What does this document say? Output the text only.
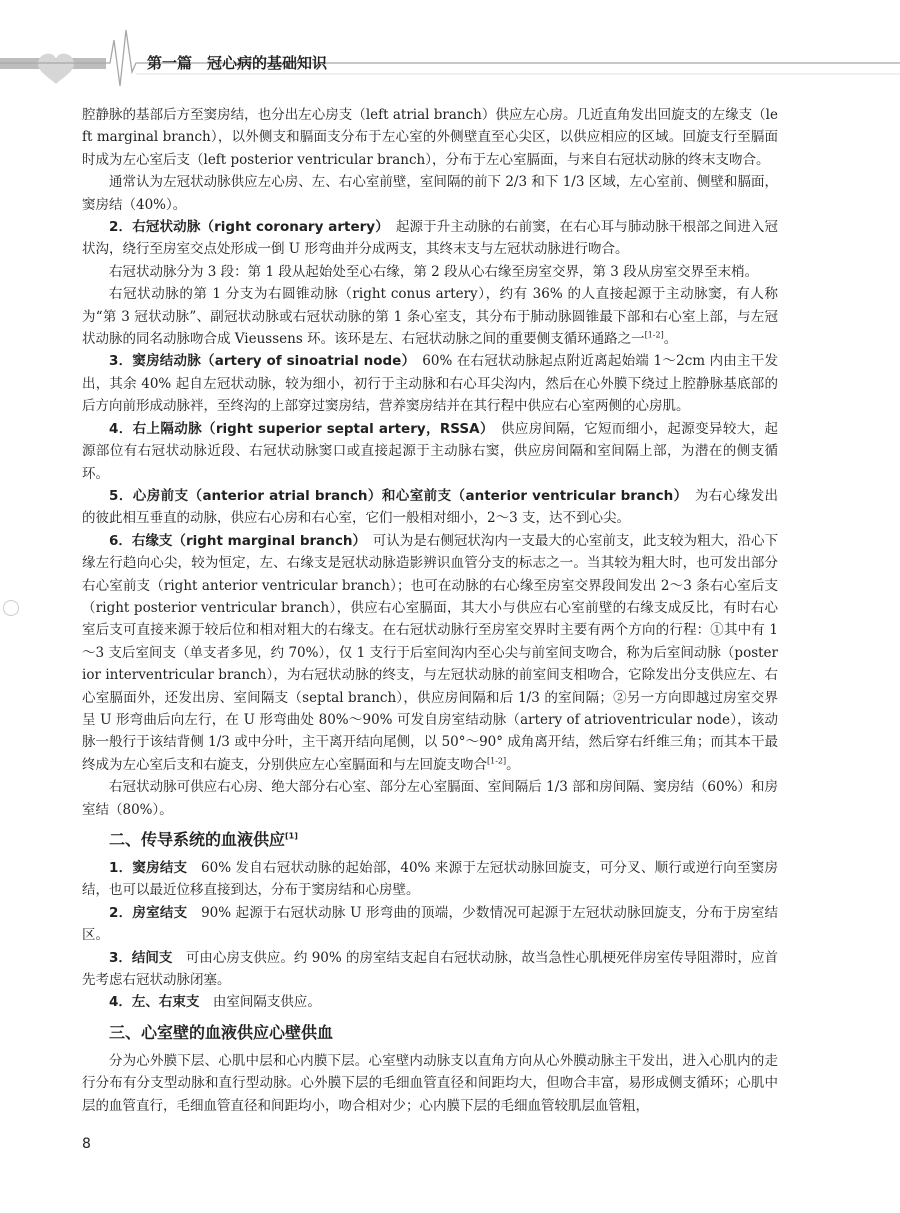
第一篇　冠心病的基础知识

腔静脉的基部后方至窦房结，也分出左心房支（left atrial branch）供应左心房。几近直角发出回旋支的左缘支（left marginal branch），以外侧支和膈面支分布于左心室的外侧壁直至心尖区，以供应相应的区域。回旋支行至膈面时成为左心室后支（left posterior ventricular branch），分布于左心室膈面，与来自右冠状动脉的终末支吻合。

通常认为左冠状动脉供应左心房、左、右心室前壁，室间隔的前下 2/3 和下 1/3 区域，左心室前、侧壁和膈面，窦房结（40%）。

2．右冠状动脉（right coronary artery）　 起源于升主动脉的右前窦，在右心耳与肺动脉干根部之间进入冠状沟，绕行至房室交点处形成一倒 U 形弯曲并分成两支，其终末支与左冠状动脉进行吻合。

右冠状动脉分为 3 段：第 1 段从起始处至心右缘，第 2 段从心右缘至房室交界，第 3 段从房室交界至末梢。

右冠状动脉的第 1 分支为右圆锥动脉（right conus artery），约有 36% 的人直接起源于主动脉窦，有人称为“第 3 冠状动脉”、副冠状动脉或右冠状动脉的第 1 条心室支，其分布于肺动脉圆锥最下部和右心室上部，与左冠状动脉的同名动脉吻合成 Vieussens 环。该环是左、右冠状动脉之间的重要侧支循环通路之一[1-2]。

3．窦房结动脉（artery of sinoatrial node）　 60% 在右冠状动脉起点附近离起始端 1～2cm 内由主干发出，其余 40% 起自左冠状动脉，较为细小，初行于主动脉和右心耳尖沟内，然后在心外膜下绕过上腔静脉基底部的后方向前形成动脉袢，至终沟的上部穿过窦房结，营养窦房结并在其行程中供应右心室两侧的心房肌。

4．右上隔动脉（right superior septal artery，RSSA）　 供应房间隔，它短而细小，起源变异较大，起源部位有右冠状动脉近段、右冠状动脉窦口或直接起源于主动脉右窦，供应房间隔和室间隔上部，为潜在的侧支循环。

5．心房前支（anterior atrial branch）和心室前支（anterior ventricular branch）　 为右心缘发出的彼此相互垂直的动脉，供应右心房和右心室，它们一般相对细小，2～3 支，达不到心尖。

6．右缘支（right marginal branch）　 可认为是右侧冠状沟内一支最大的心室前支，此支较为粗大，沿心下缘左行趋向心尖，较为恒定，左、右缘支是冠状动脉造影辨识血管分支的标志之一。当其较为粗大时，也可发出部分右心室前支（right anterior ventricular branch）；也可在动脉的右心缘至房室交界段间发出 2～3 条右心室后支（right posterior ventricular branch），供应右心室膈面，其大小与供应右心室前壁的右缘支成反比，有时右心室后支可直接来源于较后位和相对粗大的右缘支。在右冠状动脉行至房室交界时主要有两个方向的行程：①其中有 1～3 支后室间支（单支者多见，约 70%），仅 1 支行于后室间沟内至心尖与前室间支吻合，称为后室间动脉（posterior interventricular branch），为右冠状动脉的终支，与左冠状动脉的前室间支相吻合，它除发出分支供应左、右心室膈面外，还发出房、室间隔支（septal branch），供应房间隔和后 1/3 的室间隔；②另一方向即越过房室交界呈 U 形弯曲后向左行，在 U 形弯曲处 80%～90% 可发自房室结动脉（artery of atrioventricular node），该动脉一般行于该结背侧 1/3 或中分叶，主干离开结向尾侧，以 50°～90° 成角离开结，然后穿右纤维三角；而其本干最终成为左心室后支和右旋支，分别供应左心室膈面和与左回旋支吻合[1-2]。

右冠状动脉可供应右心房、绝大部分右心室、部分左心室膈面、室间隔后 1/3 部和房间隔、窦房结（60%）和房室结（80%）。

二、传导系统的血液供应[1]

1．窦房结支　 60% 发自右冠状动脉的起始部，40% 来源于左冠状动脉回旋支，可分叉、顺行或逆行向至窦房结，也可以最近位移直接到达，分布于窦房结和心房壁。

2．房室结支　 90% 起源于右冠状动脉 U 形弯曲的顶端，少数情况可起源于左冠状动脉回旋支，分布于房室结区。

3．结间支　 可由心房支供应。约 90% 的房室结支起自右冠状动脉，故当急性心肌梗死伴房室传导阻滞时，应首先考虑右冠状动脉闭塞。

4．左、右束支　 由室间隔支供应。

三、心室壁的血液供应心壁供血

分为心外膜下层、心肌中层和心内膜下层。心室壁内动脉支以直角方向从心外膜动脉主干发出，进入心肌内的走行分布有分支型动脉和直行型动脉。心外膜下层的毛细血管直径和间距均大，但吻合丰富，易形成侧支循环；心肌中层的血管直行，毛细血管直径和间距均小，吻合相对少；心内膜下层的毛细血管较肌层血管粗，

8
